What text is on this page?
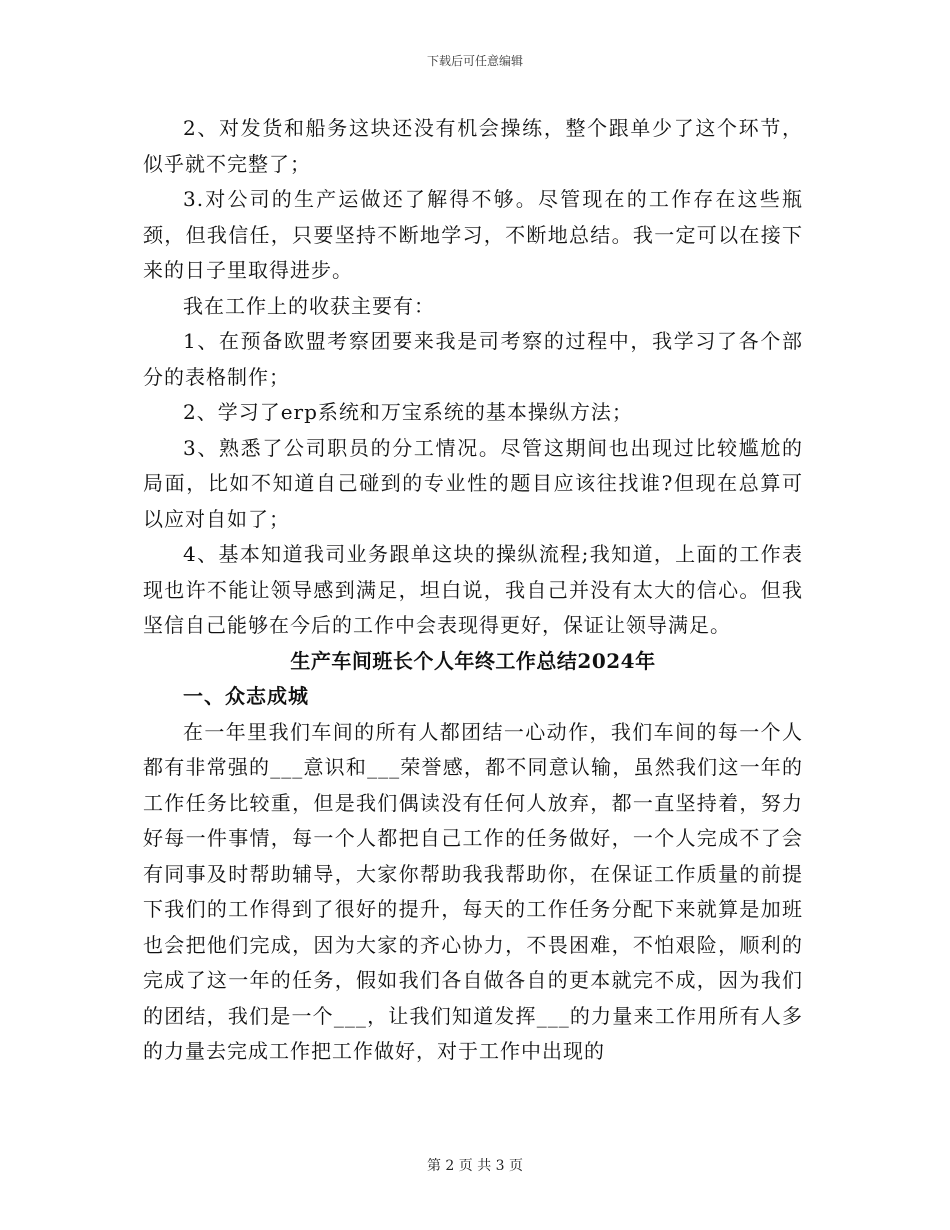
下载后可任意编辑

2、对发货和船务这块还没有机会操练，整个跟单少了这个环节，似乎就不完整了；

3.对公司的生产运做还了解得不够。尽管现在的工作存在这些瓶颈，但我信任，只要坚持不断地学习，不断地总结。我一定可以在接下来的日子里取得进步。

我在工作上的收获主要有：

1、在预备欧盟考察团要来我是司考察的过程中，我学习了各个部分的表格制作；

2、学习了erp系统和万宝系统的基本操纵方法；

3、熟悉了公司职员的分工情况。尽管这期间也出现过比较尴尬的局面，比如不知道自己碰到的专业性的题目应该往找谁?但现在总算可以应对自如了；

4、基本知道我司业务跟单这块的操纵流程;我知道，上面的工作表现也许不能让领导感到满足，坦白说，我自己并没有太大的信心。但我坚信自己能够在今后的工作中会表现得更好，保证让领导满足。

生产车间班长个人年终工作总结2024年

一、众志成城

在一年里我们车间的所有人都团结一心动作，我们车间的每一个人都有非常强的___意识和___荣誉感，都不同意认输，虽然我们这一年的工作任务比较重，但是我们偶读没有任何人放弃，都一直坚持着，努力好每一件事情，每一个人都把自己工作的任务做好，一个人完成不了会有同事及时帮助辅导，大家你帮助我我帮助你，在保证工作质量的前提下我们的工作得到了很好的提升，每天的工作任务分配下来就算是加班也会把他们完成，因为大家的齐心协力，不畏困难，不怕艰险，顺利的完成了这一年的任务，假如我们各自做各自的更本就完不成，因为我们的团结，我们是一个___，让我们知道发挥___的力量来工作用所有人多的力量去完成工作把工作做好，对于工作中出现的

第 2 页 共 3 页
